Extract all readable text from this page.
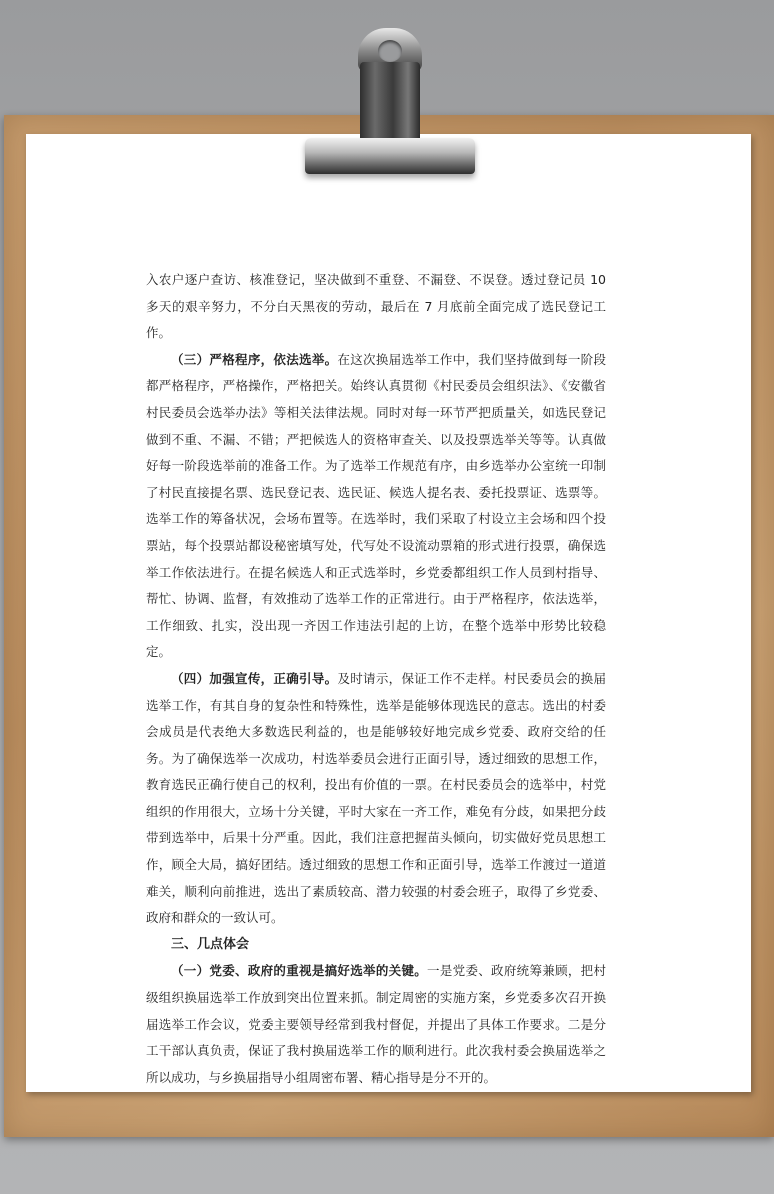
入农户逐户查访、核准登记，坚决做到不重登、不漏登、不误登。透过登记员 10 多天的艰辛努力，不分白天黑夜的劳动，最后在 7 月底前全面完成了选民登记工作。

（三）严格程序，依法选举。在这次换届选举工作中，我们坚持做到每一阶段都严格程序，严格操作，严格把关。始终认真贯彻《村民委员会组织法》、《安徽省村民委员会选举办法》等相关法律法规。同时对每一环节严把质量关，如选民登记做到不重、不漏、不错；严把候选人的资格审查关、以及投票选举关等等。认真做好每一阶段选举前的准备工作。为了选举工作规范有序，由乡选举办公室统一印制了村民直接提名票、选民登记表、选民证、候选人提名表、委托投票证、选票等。选举工作的筹备状况，会场布置等。在选举时，我们采取了村设立主会场和四个投票站，每个投票站都设秘密填写处，代写处不设流动票箱的形式进行投票，确保选举工作依法进行。在提名候选人和正式选举时，乡党委都组织工作人员到村指导、帮忙、协调、监督，有效推动了选举工作的正常进行。由于严格程序，依法选举，工作细致、扎实，没出现一齐因工作违法引起的上访，在整个选举中形势比较稳定。

（四）加强宣传，正确引导。及时请示，保证工作不走样。村民委员会的换届选举工作，有其自身的复杂性和特殊性，选举是能够体现选民的意志。选出的村委会成员是代表绝大多数选民利益的，也是能够较好地完成乡党委、政府交给的任务。为了确保选举一次成功，村选举委员会进行正面引导，透过细致的思想工作，教育选民正确行使自己的权利，投出有价值的一票。在村民委员会的选举中，村党组织的作用很大，立场十分关键，平时大家在一齐工作，难免有分歧，如果把分歧带到选举中，后果十分严重。因此，我们注意把握苗头倾向，切实做好党员思想工作，顾全大局，搞好团结。透过细致的思想工作和正面引导，选举工作渡过一道道难关，顺利向前推进，选出了素质较高、潜力较强的村委会班子，取得了乡党委、政府和群众的一致认可。

三、几点体会

（一）党委、政府的重视是搞好选举的关键。一是党委、政府统筹兼顾，把村级组织换届选举工作放到突出位置来抓。制定周密的实施方案，乡党委多次召开换届选举工作会议，党委主要领导经常到我村督促，并提出了具体工作要求。二是分工干部认真负责，保证了我村换届选举工作的顺利进行。此次我村委会换届选举之所以成功，与乡换届指导小组周密布署、精心指导是分不开的。
